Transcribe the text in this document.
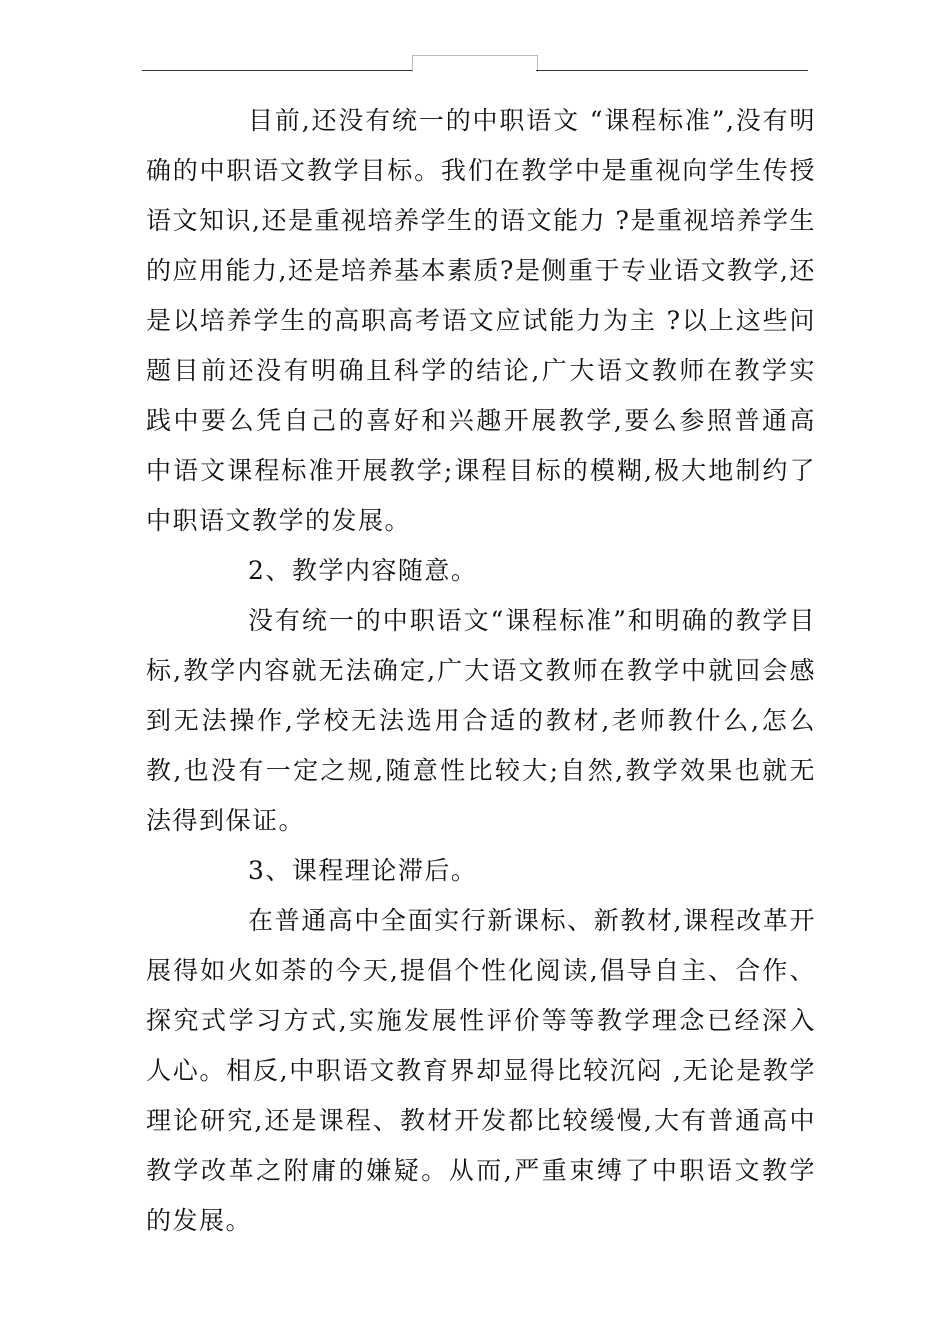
目前,还没有统一的中职语文 “课程标准”,没有明确的中职语文教学目标。我们在教学中是重视向学生传授语文知识,还是重视培养学生的语文能力 ?是重视培养学生的应用能力,还是培养基本素质?是侧重于专业语文教学,还是以培养学生的高职高考语文应试能力为主 ?以上这些问题目前还没有明确且科学的结论,广大语文教师在教学实践中要么凭自己的喜好和兴趣开展教学,要么参照普通高中语文课程标准开展教学;课程目标的模糊,极大地制约了中职语文教学的发展。

2、教学内容随意。

没有统一的中职语文“课程标准”和明确的教学目标,教学内容就无法确定,广大语文教师在教学中就回会感到无法操作,学校无法选用合适的教材,老师教什么,怎么教,也没有一定之规,随意性比较大;自然,教学效果也就无法得到保证。

3、课程理论滞后。

在普通高中全面实行新课标、新教材,课程改革开展得如火如荼的今天,提倡个性化阅读,倡导自主、合作、探究式学习方式,实施发展性评价等等教学理念已经深入人心。相反,中职语文教育界却显得比较沉闷 ,无论是教学理论研究,还是课程、教材开发都比较缓慢,大有普通高中教学改革之附庸的嫌疑。从而,严重束缚了中职语文教学的发展。
